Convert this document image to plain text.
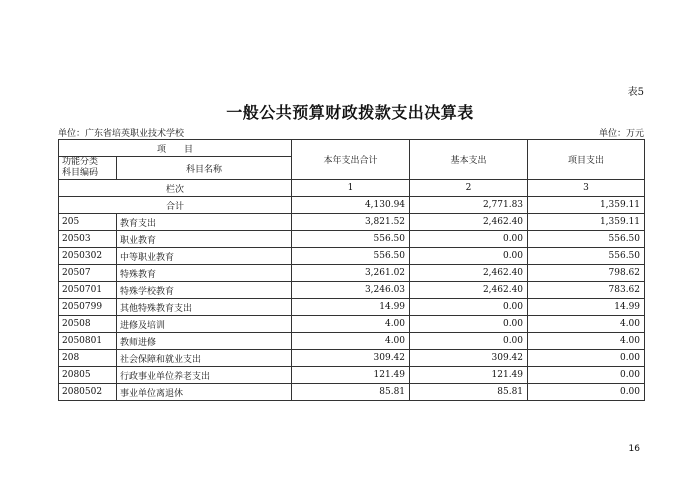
表5
一般公共预算财政拨款支出决算表
单位：广东省培英职业技术学校	单位：万元
项　　目		本年支出合计	基本支出	项目支出
功能分类
科目编码	科目名称			
栏次		1	2	3
合计		4,130.94	2,771.83	1,359.11
205	教育支出	3,821.52	2,462.40	1,359.11
20503	职业教育	556.50	0.00	556.50
2050302	中等职业教育	556.50	0.00	556.50
20507	特殊教育	3,261.02	2,462.40	798.62
2050701	特殊学校教育	3,246.03	2,462.40	783.62
2050799	其他特殊教育支出	14.99	0.00	14.99
20508	进修及培训	4.00	0.00	4.00
2050801	教师进修	4.00	0.00	4.00
208	社会保障和就业支出	309.42	309.42	0.00
20805	行政事业单位养老支出	121.49	121.49	0.00
2080502	事业单位离退休	85.81	85.81	0.00
16
